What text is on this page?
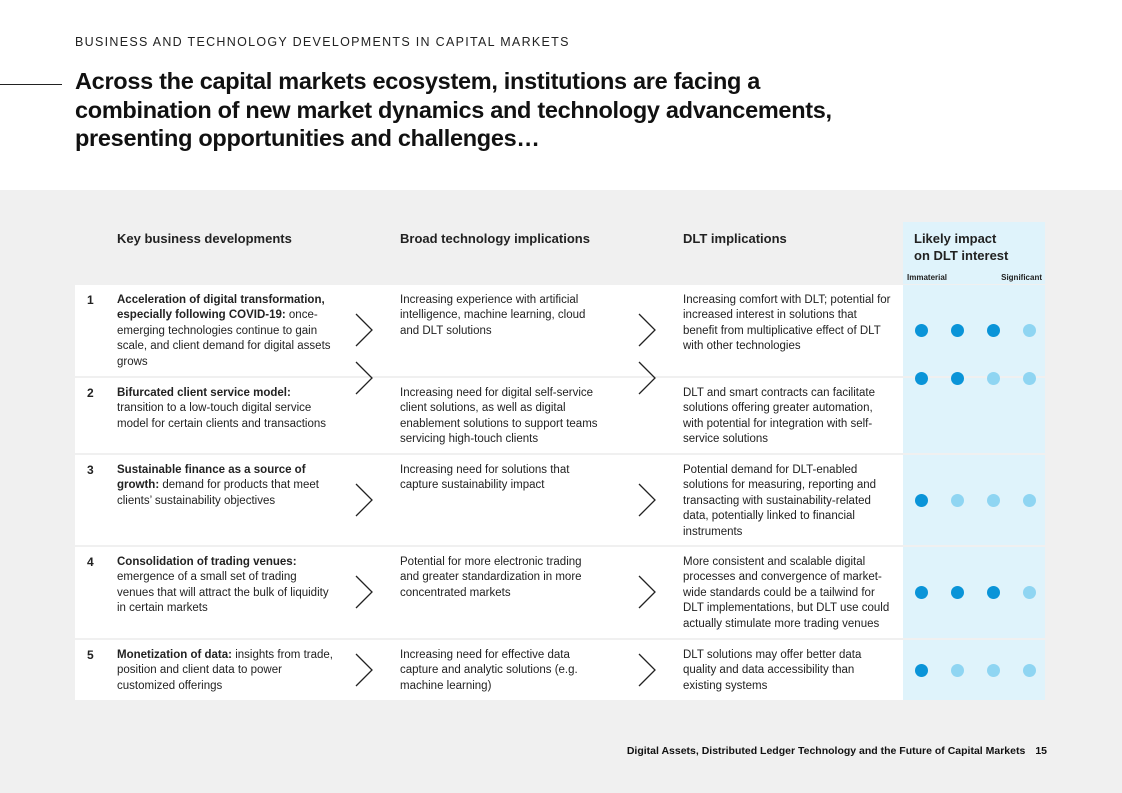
BUSINESS AND TECHNOLOGY DEVELOPMENTS IN CAPITAL MARKETS
Across the capital markets ecosystem, institutions are facing a combination of new market dynamics and technology advancements, presenting opportunities and challenges…
Key business developments	Broad technology implications	DLT implications	Likely impact
on DLT interest
Immaterial	Significant
1 Acceleration of digital transformation, especially following COVID-19: once-emerging technologies continue to gain scale, and client demand for digital assets grows
Increasing experience with artificial intelligence, machine learning, cloud and DLT solutions
Increasing comfort with DLT; potential for increased interest in solutions that benefit from multiplicative effect of DLT with other technologies
2 Bifurcated client service model: transition to a low-touch digital service model for certain clients and transactions
Increasing need for digital self-service client solutions, as well as digital enablement solutions to support teams servicing high-touch clients
DLT and smart contracts can facilitate solutions offering greater automation, with potential for integration with self-service solutions
3 Sustainable finance as a source of growth: demand for products that meet clients’ sustainability objectives
Increasing need for solutions that capture sustainability impact
Potential demand for DLT-enabled solutions for measuring, reporting and transacting with sustainability-related data, potentially linked to financial instruments
4 Consolidation of trading venues: emergence of a small set of trading venues that will attract the bulk of liquidity in certain markets
Potential for more electronic trading and greater standardization in more concentrated markets
More consistent and scalable digital processes and convergence of market-wide standards could be a tailwind for DLT implementations, but DLT use could actually stimulate more trading venues
5 Monetization of data: insights from trade, position and client data to power customized offerings
Increasing need for effective data capture and analytic solutions (e.g. machine learning)
DLT solutions may offer better data quality and data accessibility than existing systems
Digital Assets, Distributed Ledger Technology and the Future of Capital Markets 15
